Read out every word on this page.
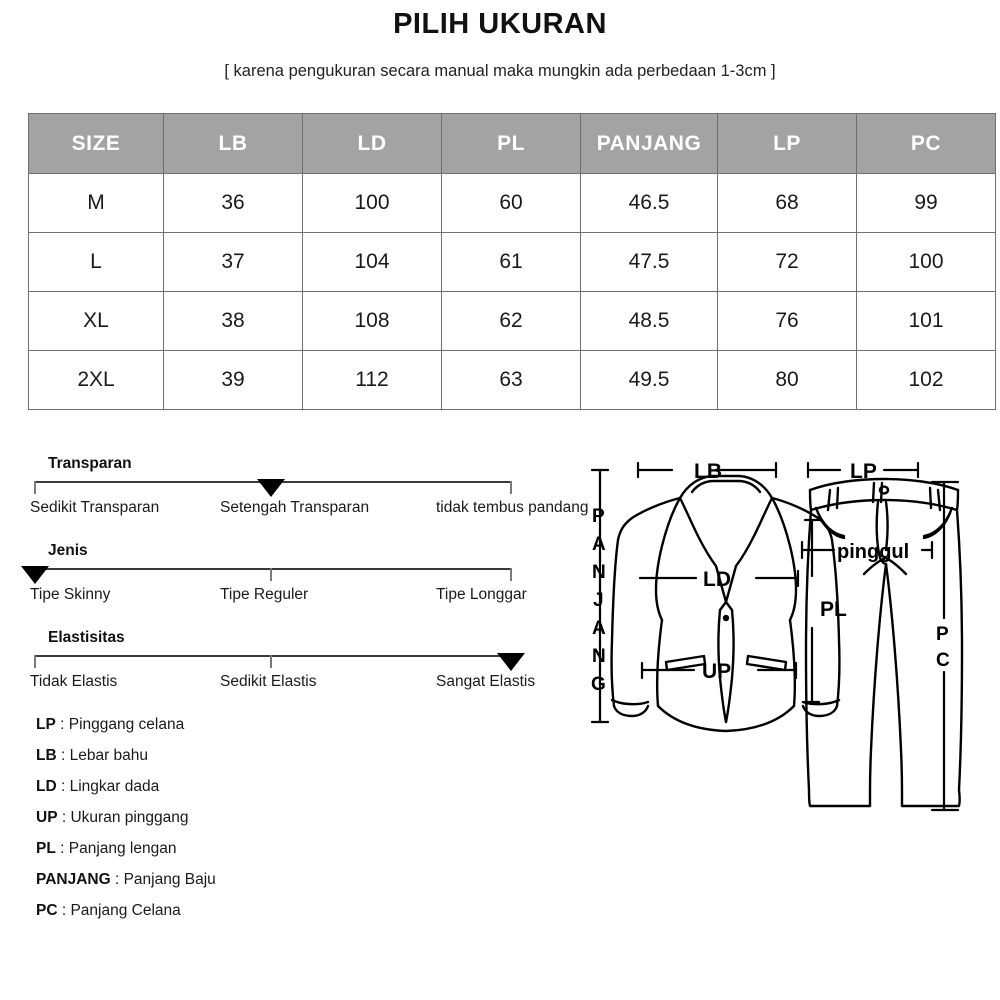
PILIH UKURAN
[ karena pengukuran secara manual maka mungkin ada perbedaan 1-3cm ]
SIZE	LB	LD	PL	PANJANG	LP	PC
M	36	100	60	46.5	68	99
L	37	104	61	47.5	72	100
XL	38	108	62	48.5	76	101
2XL	39	112	63	49.5	80	102
Transparan
Sedikit Transparan	Setengah Transparan	tidak tembus pandang
Jenis
Tipe Skinny	Tipe Reguler	Tipe Longgar
Elastisitas
Tidak Elastis	Sedikit Elastis	Sangat Elastis
LP : Pinggang celana
LB : Lebar bahu
LD : Lingkar dada
UP : Ukuran pinggang
PL : Panjang lengan
PANJANG : Panjang Baju
PC : Panjang Celana
LB	LP
LD
PL
UP
pinggul
P
A
N
J
A
N
G
P
C
